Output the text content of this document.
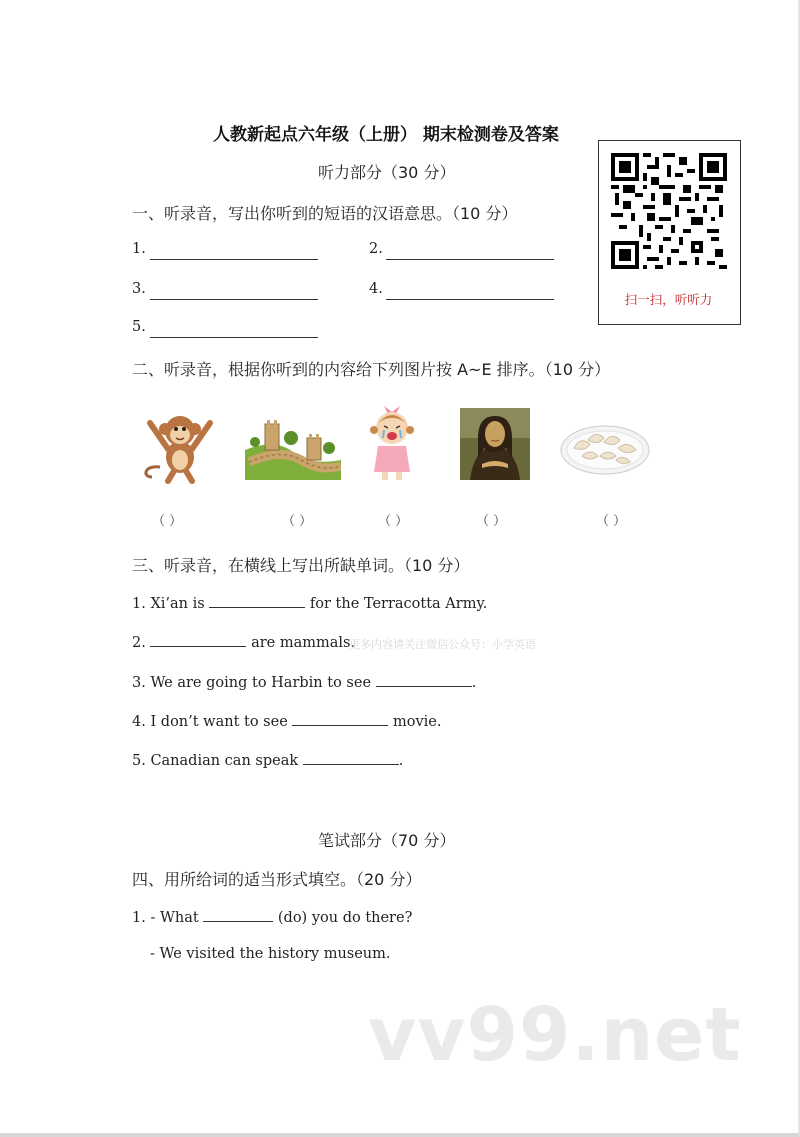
人教新起点六年级（上册） 期末检测卷及答案
听力部分（30 分）
一、听录音，写出你听到的短语的汉语意思。（10 分）
1.	2.
3.	4.
5.
扫一扫，听听力
二、听录音，根据你听到的内容给下列图片按 A~E 排序。（10 分）
（ ）	（ ）	（ ）	（ ）	（ ）
三、听录音，在横线上写出所缺单词。（10 分）
1. Xi’an is	for the Terracotta Army.
2.	are mammals.
更多内容请关注微信公众号：小学英语
3. We are going to Harbin to see	.
4. I don’t want to see	movie.
5. Canadian can speak	.
笔试部分（70 分）
四、用所给词的适当形式填空。（20 分）
1. - What	(do) you do there?
- We visited the history museum.
vv99.net
